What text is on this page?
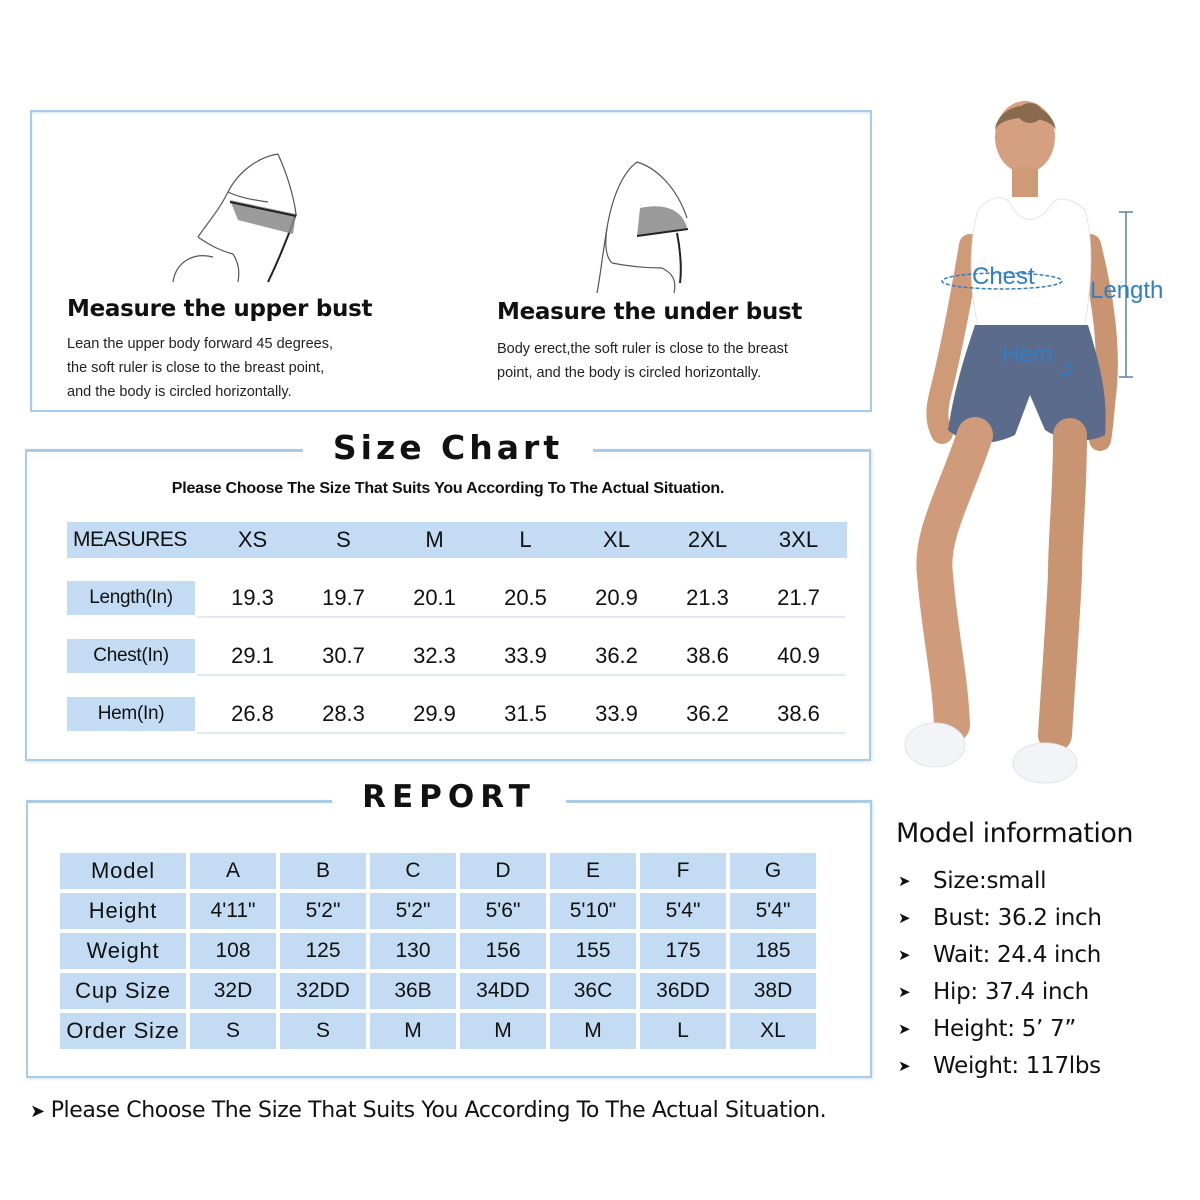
Measure the upper bust
Lean the upper body forward 45 degrees,
the soft ruler is close to the breast point,
and the body is circled horizontally.
Measure the under bust
Body erect,the soft ruler is close to the breast
point, and the body is circled horizontally.
Size Chart
Please Choose The Size That Suits You According To The Actual Situation.
MEASURES	XS	S	M	L	XL	2XL	3XL
Length(In)	19.3	19.7	20.1	20.5	20.9	21.3	21.7
Chest(In)	29.1	30.7	32.3	33.9	36.2	38.6	40.9
Hem(In)	26.8	28.3	29.9	31.5	33.9	36.2	38.6
REPORT
Model	A	B	C	D	E	F	G
Height	4'11"	5'2"	5'2"	5'6"	5'10"	5'4"	5'4"
Weight	108	125	130	156	155	175	185
Cup Size	32D	32DD	36B	34DD	36C	36DD	38D
Order Size	S	S	M	M	M	L	XL
➤ Please Choose The Size That Suits You According To The Actual Situation.
Chest
Length
Hem
Model information
➤ Size:small
➤ Bust: 36.2 inch
➤ Wait: 24.4 inch
➤ Hip: 37.4 inch
➤ Height: 5’ 7”
➤ Weight: 117lbs
